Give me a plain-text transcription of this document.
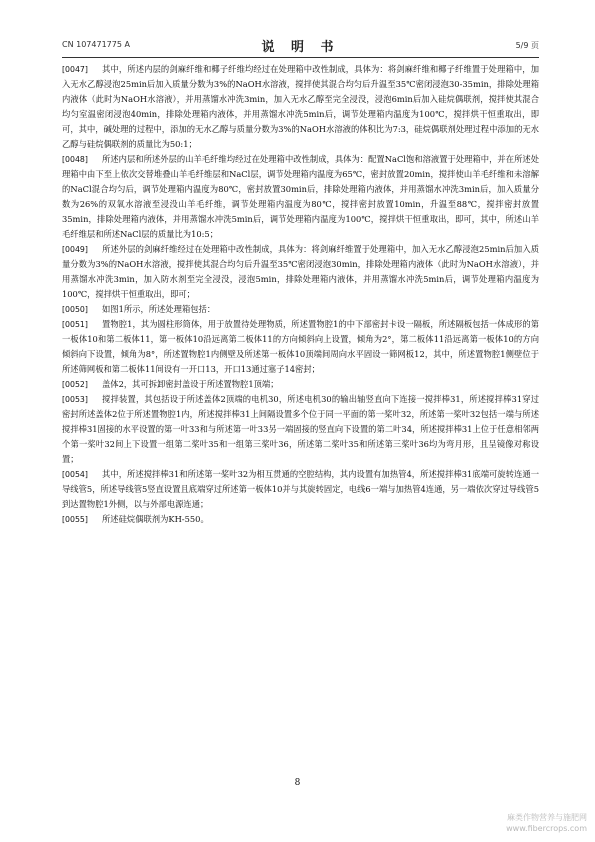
CN 107471775 A	说 明 书	5/9 页

[0047] 其中，所述内层的剑麻纤维和椰子纤维均经过在处理箱中改性制成，具体为：将剑麻纤维和椰子纤维置于处理箱中，加入无水乙醇浸泡25min后加入质量分数为3%的NaOH水溶液，搅拌使其混合均匀后升温至35℃密闭浸泡30-35min，排除处理箱内液体（此时为NaOH水溶液），并用蒸馏水冲洗3min，加入无水乙醇至完全浸没，浸泡6min后加入硅烷偶联剂，搅拌使其混合均匀室温密闭浸泡40min，排除处理箱内液体，并用蒸馏水冲洗5min后，调节处理箱内温度为100℃，搅拌烘干恒重取出，即可，其中，碱处理的过程中，添加的无水乙醇与质量分数为3%的NaOH水溶液的体积比为7:3，硅烷偶联剂处理过程中添加的无水乙醇与硅烷偶联剂的质量比为50:1；

[0048] 所述内层和所述外层的山羊毛纤维均经过在处理箱中改性制成，具体为：配置NaCl饱和溶液置于处理箱中，并在所述处理箱中由下至上依次交替堆叠山羊毛纤维层和NaCl层，调节处理箱内温度为65℃，密封放置20min，搅拌使山羊毛纤维和未溶解的NaCl混合均匀后，调节处理箱内温度为80℃，密封放置30min后，排除处理箱内液体，并用蒸馏水冲洗3min后，加入质量分数为26%的双氧水溶液至浸没山羊毛纤维，调节处理箱内温度为80℃，搅拌密封放置10min，升温至88℃，搅拌密封放置35min，排除处理箱内液体，并用蒸馏水冲洗5min后，调节处理箱内温度为100℃，搅拌烘干恒重取出，即可，其中，所述山羊毛纤维层和所述NaCl层的质量比为10:5；

[0049] 所述外层的剑麻纤维经过在处理箱中改性制成，具体为：将剑麻纤维置于处理箱中，加入无水乙醇浸泡25min后加入质量分数为3%的NaOH水溶液，搅拌使其混合均匀后升温至35℃密闭浸泡30min，排除处理箱内液体（此时为NaOH水溶液），并用蒸馏水冲洗3min，加入防水剂至完全浸没，浸泡5min，排除处理箱内液体，并用蒸馏水冲洗5min后，调节处理箱内温度为100℃，搅拌烘干恒重取出，即可；

[0050] 如图1所示，所述处理箱包括：

[0051] 置物腔1，其为圆柱形筒体，用于放置待处理物质，所述置物腔1的中下部密封卡设一隔板，所述隔板包括一体成形的第一板体10和第二板体11，第一板体10沿远离第二板体11的方向倾斜向上设置，倾角为2°，第二板体11沿远离第一板体10的方向倾斜向下设置，倾角为8°，所述置物腔1内侧壁及所述第一板体10顶端间周向水平固设一筛网板12，其中，所述置物腔1侧壁位于所述筛网板和第二板体11间设有一开口13，开口13通过塞子14密封；

[0052] 盖体2，其可拆卸密封盖设于所述置物腔1顶端；

[0053] 搅拌装置，其包括设于所述盖体2顶端的电机30，所述电机30的输出轴竖直向下连接一搅拌棒31，所述搅拌棒31穿过密封所述盖体2位于所述置物腔1内，所述搅拌棒31上间隔设置多个位于同一平面的第一桨叶32，所述第一桨叶32包括一端与所述搅拌棒31固接的水平设置的第一叶33和与所述第一叶33另一端固接的竖直向下设置的第二叶34，所述搅拌棒31上位于任意相邻两个第一桨叶32间上下设置一组第二桨叶35和一组第三桨叶36，所述第二桨叶35和所述第三桨叶36均为弯月形，且呈镜像对称设置；

[0054] 其中，所述搅拌棒31和所述第一桨叶32为相互贯通的空腔结构，其内设置有加热管4，所述搅拌棒31底端可旋转连通一导线管5，所述导线管5竖直设置且底端穿过所述第一板体10并与其旋转固定，电线6一端与加热管4连通，另一端依次穿过导线管5到达置物腔1外侧，以与外部电源连通；

[0055] 所述硅烷偶联剂为KH-550。

8
麻类作物营养与施肥网
www.fibercrops.com
